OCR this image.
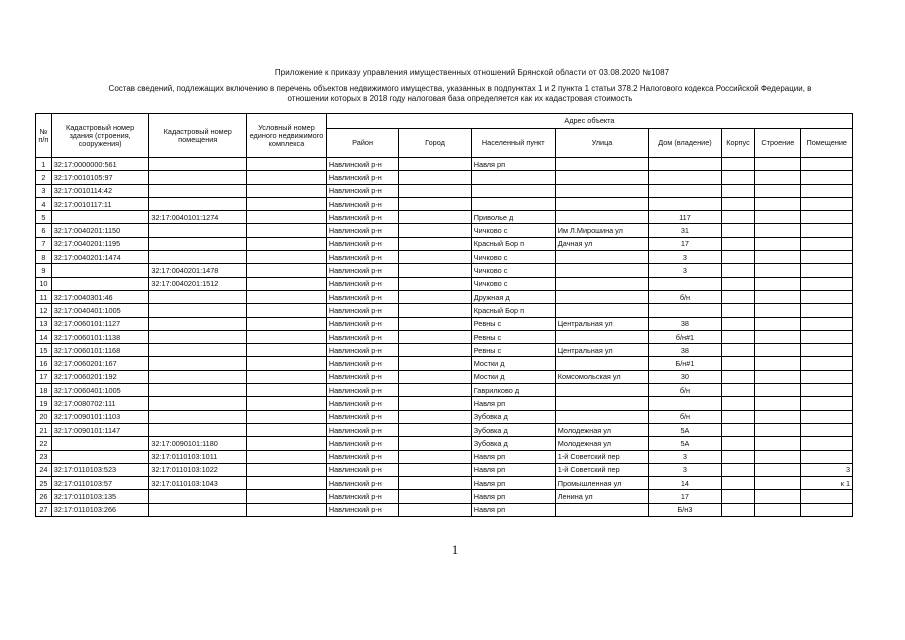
Приложение к приказу управления имущественных отношений Брянской области от 03.08.2020 №1087
Состав сведений, подлежащих включению в перечень объектов недвижимого имущества, указанных в подпунктах 1 и 2 пункта 1 статьи 378.2 Налогового кодекса Российской Федерации, в
отношении которых в 2018 году налоговая база определяется как их кадастровая стоимость
№ п/п	Кадастровый номер здания (строения, сооружения)	Кадастровый номер помещения	Условный номер единого недвижимого комплекса	Адрес объекта							
				Район	Город	Населенный пункт	Улица	Дом (владение)	Корпус	Строение	Помещение
1	32:17:0000000:561			Навлинский р-н		Навля рп					
2	32:17:0010105:97			Навлинский р-н							
3	32:17:0010114:42			Навлинский р-н							
4	32:17:0010117:11			Навлинский р-н							
5		32:17:0040101:1274		Навлинский р-н		Приволье д		117			
6	32:17:0040201:1150			Навлинский р-н		Чичково с	Им Л.Мирошина ул	31			
7	32:17:0040201:1195			Навлинский р-н		Красный Бор п	Дачная ул	17			
8	32:17:0040201:1474			Навлинский р-н		Чичково с		3			
9		32:17:0040201:1478		Навлинский р-н		Чичково с		3			
10		32:17:0040201:1512		Навлинский р-н		Чичково с					
11	32:17:0040301:46			Навлинский р-н		Дружная д		б/н			
12	32:17:0040401:1005			Навлинский р-н		Красный Бор п					
13	32:17:0060101:1127			Навлинский р-н		Ревны с	Центральная ул	38			
14	32:17:0060101:1138			Навлинский р-н		Ревны с		б/н#1			
15	32:17:0060101:1168			Навлинский р-н		Ревны с	Центральная ул	38			
16	32:17:0060201:167			Навлинский р-н		Мостки д		Б/н#1			
17	32:17:0060201:192			Навлинский р-н		Мостки д	Комсомольская ул	30			
18	32:17:0060401:1005			Навлинский р-н		Гаврилково д		б/н			
19	32:17:0080702:111			Навлинский р-н		Навля рп					
20	32:17:0090101:1103			Навлинский р-н		Зубовка д		б/н			
21	32:17:0090101:1147			Навлинский р-н		Зубовка д	Молодежная ул	5А			
22		32:17:0090101:1180		Навлинский р-н		Зубовка д	Молодежная ул	5А			
23		32:17:0110103:1011		Навлинский р-н		Навля рп	1-й Советский пер	3			
24	32:17:0110103:523	32:17:0110103:1022		Навлинский р-н		Навля рп	1-й Советский пер	3			3
25	32:17:0110103:57	32:17:0110103:1043		Навлинский р-н		Навля рп	Промышленная ул	14			к 1
26	32:17:0110103:135			Навлинский р-н		Навля рп	Ленина ул	17			
27	32:17:0110103:266			Навлинский р-н		Навля рп		Б/н3			
1
